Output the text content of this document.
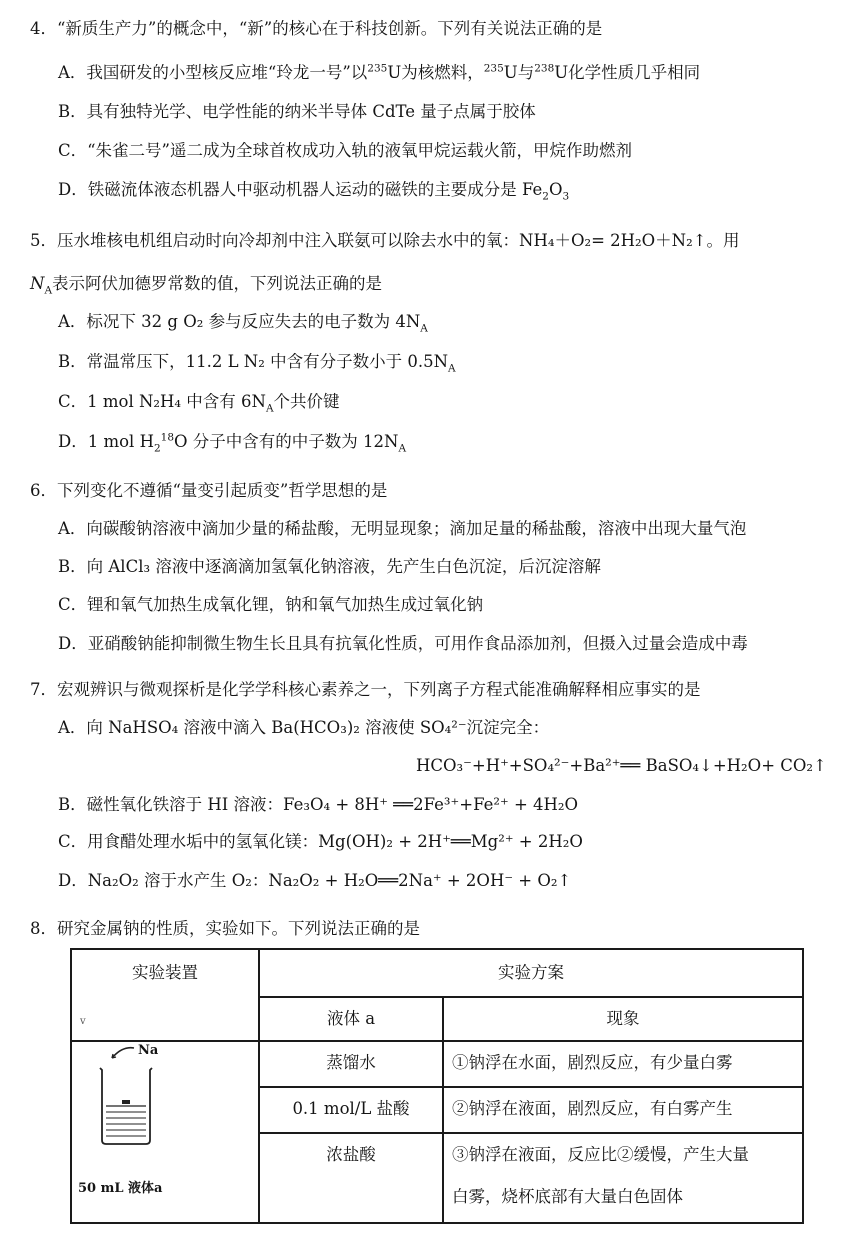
4．“新质生产力”的概念中，“新”的核心在于科技创新。下列有关说法正确的是
A．我国研发的小型核反应堆“玲龙一号”以$^{235}$U为核燃料，$^{235}$U与$^{238}$U化学性质几乎相同
B．具有独特光学、电学性能的纳米半导体 CdTe 量子点属于胶体
C．“朱雀二号”遥二成为全球首枚成功入轨的液氧甲烷运载火箭，甲烷作助燃剂
D．铁磁流体液态机器人中驱动机器人运动的磁铁的主要成分是 $Fe_2O_3$
5．压水堆核电机组启动时向冷却剂中注入联氨可以除去水中的氧：NH₄＋O₂= 2H₂O＋N₂↑。用
$N_A$表示阿伏加德罗常数的值，下列说法正确的是
A．标况下 32 g O₂ 参与反应失去的电子数为 $4N_A$
B．常温常压下，11.2 L N₂ 中含有分子数小于 $0.5N_A$
C．1 mol N₂H₄ 中含有 $6N_A$个共价键
D．1 mol $H_2^{18}O$ 分子中含有的中子数为 $12N_A$
6．下列变化不遵循“量变引起质变”哲学思想的是
A．向碳酸钠溶液中滴加少量的稀盐酸，无明显现象；滴加足量的稀盐酸，溶液中出现大量气泡
B．向 AlCl₃ 溶液中逐滴滴加氢氧化钠溶液，先产生白色沉淀，后沉淀溶解
C．锂和氧气加热生成氧化锂，钠和氧气加热生成过氧化钠
D．亚硝酸钠能抑制微生物生长且具有抗氧化性质，可用作食品添加剂，但摄入过量会造成中毒
7．宏观辨识与微观探析是化学学科核心素养之一，下列离子方程式能准确解释相应事实的是
A．向 NaHSO₄ 溶液中滴入 Ba(HCO₃)₂ 溶液使 SO₄²⁻沉淀完全：
HCO₃⁻+H⁺+SO₄²⁻+Ba²⁺══ BaSO₄↓+H₂O+ CO₂↑
B．磁性氧化铁溶于 HI 溶液：Fe₃O₄ + 8H⁺ ══2Fe³⁺+Fe²⁺ + 4H₂O
C．用食醋处理水垢中的氢氧化镁：Mg(OH)₂ + 2H⁺══Mg²⁺ + 2H₂O
D．Na₂O₂ 溶于水产生 O₂：Na₂O₂ + H₂O══2Na⁺ + 2OH⁻ + O₂↑
8．研究金属钠的性质，实验如下。下列说法正确的是
实验装置	实验方案
液体 a	现象
v
Na
50 mL 液体a
蒸馏水	①钠浮在水面，剧烈反应，有少量白雾
0.1 mol/L 盐酸	②钠浮在液面，剧烈反应，有白雾产生
浓盐酸	③钠浮在液面，反应比②缓慢，产生大量
白雾，烧杯底部有大量白色固体
